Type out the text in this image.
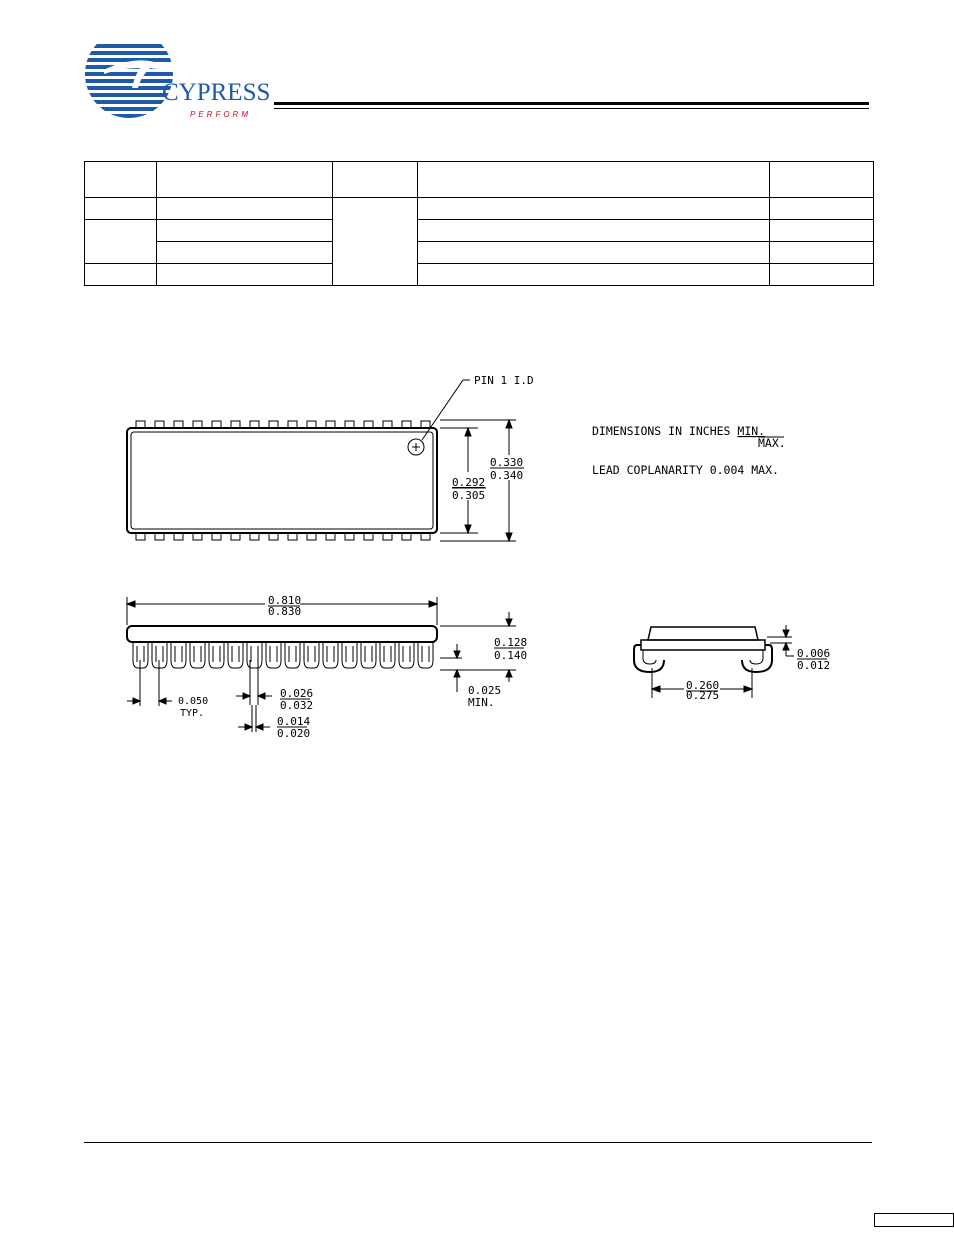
CYPRESS
PERFORM

PIN 1 I.D
0.292
0.305
0.330
0.340
DIMENSIONS IN INCHES MIN.
MAX.
LEAD COPLANARITY 0.004 MAX.
0.810
0.830
0.128
0.140
0.025
MIN.
0.050
TYP.
0.026
0.032
0.014
0.020
0.006
0.012
0.260
0.275
